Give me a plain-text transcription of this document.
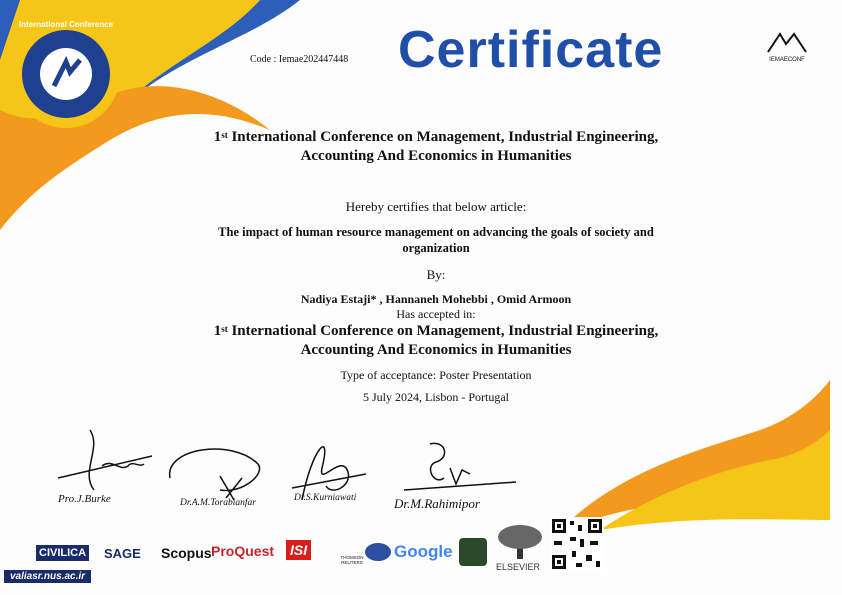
International Conference
Code : Iemae202447448 Certificate	IEMAECONF
1st International Conference on Management, Industrial Engineering,
Accounting And Economics in Humanities
Hereby certifies that below article:
The impact of human resource management on advancing the goals of society and
organization
By:
Nadiya Estaji* , Hannaneh Mohebbi , Omid Armoon
Has accepted in:
1st International Conference on Management, Industrial Engineering,
Accounting And Economics in Humanities
Type of acceptance: Poster Presentation
5 July 2024, Lisbon - Portugal
Pro.J.Burke	Dr.A.M.Torabianfar	Dr.S.Kurniawati	Dr.M.Rahimipor
CIVILICA SAGE Scopus ProQuest ISI	THOMSON REUTERS
Google
ELSEVIER
valiasr.nus.ac.ir
